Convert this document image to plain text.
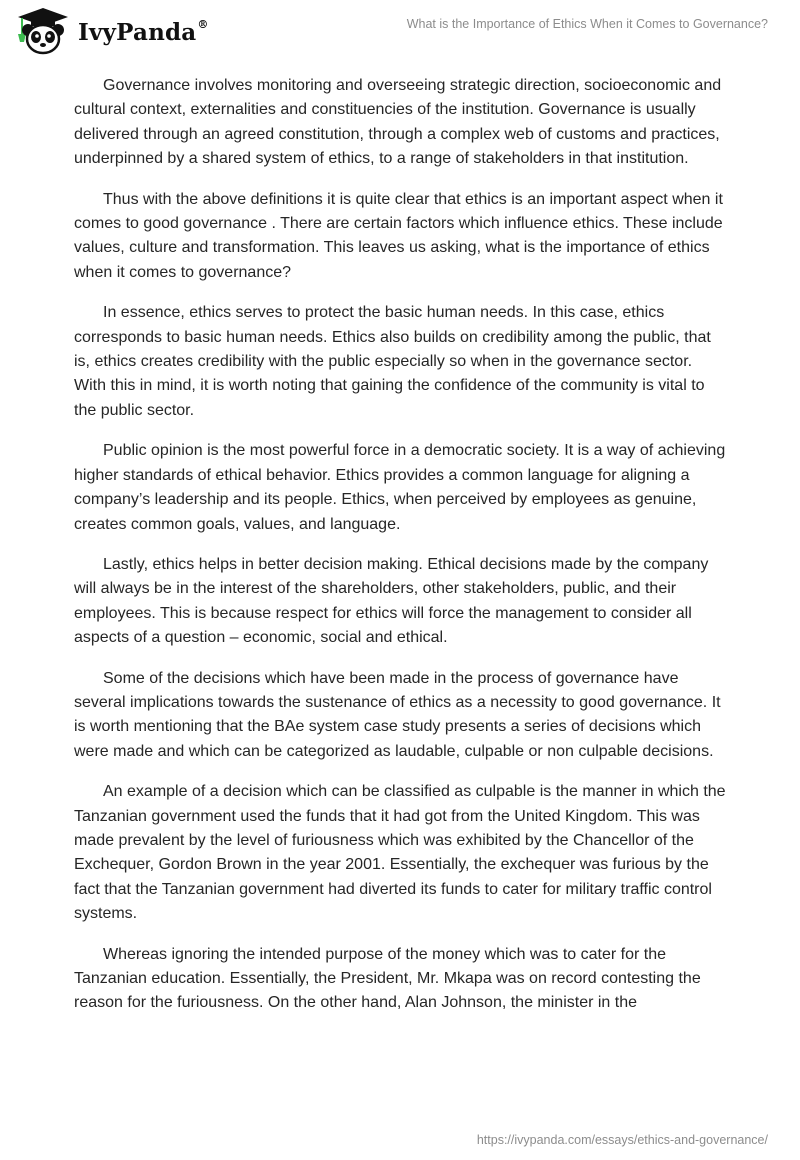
IvyPanda®	What is the Importance of Ethics When it Comes to Governance?

Governance involves monitoring and overseeing strategic direction, socioeconomic and cultural context, externalities and constituencies of the institution. Governance is usually delivered through an agreed constitution, through a complex web of customs and practices, underpinned by a shared system of ethics, to a range of stakeholders in that institution.

Thus with the above definitions it is quite clear that ethics is an important aspect when it comes to good governance . There are certain factors which influence ethics. These include values, culture and transformation. This leaves us asking, what is the importance of ethics when it comes to governance?

In essence, ethics serves to protect the basic human needs. In this case, ethics corresponds to basic human needs. Ethics also builds on credibility among the public, that is, ethics creates credibility with the public especially so when in the governance sector. With this in mind, it is worth noting that gaining the confidence of the community is vital to the public sector.

Public opinion is the most powerful force in a democratic society. It is a way of achieving higher standards of ethical behavior. Ethics provides a common language for aligning a company’s leadership and its people. Ethics, when perceived by employees as genuine, creates common goals, values, and language.

Lastly, ethics helps in better decision making. Ethical decisions made by the company will always be in the interest of the shareholders, other stakeholders, public, and their employees. This is because respect for ethics will force the management to consider all aspects of a question – economic, social and ethical.

Some of the decisions which have been made in the process of governance have several implications towards the sustenance of ethics as a necessity to good governance. It is worth mentioning that the BAe system case study presents a series of decisions which were made and which can be categorized as laudable, culpable or non culpable decisions.

An example of a decision which can be classified as culpable is the manner in which the Tanzanian government used the funds that it had got from the United Kingdom. This was made prevalent by the level of furiousness which was exhibited by the Chancellor of the Exchequer, Gordon Brown in the year 2001. Essentially, the exchequer was furious by the fact that the Tanzanian government had diverted its funds to cater for military traffic control systems.

Whereas ignoring the intended purpose of the money which was to cater for the Tanzanian education. Essentially, the President, Mr. Mkapa was on record contesting the reason for the furiousness. On the other hand, Alan Johnson, the minister in the

https://ivypanda.com/essays/ethics-and-governance/
